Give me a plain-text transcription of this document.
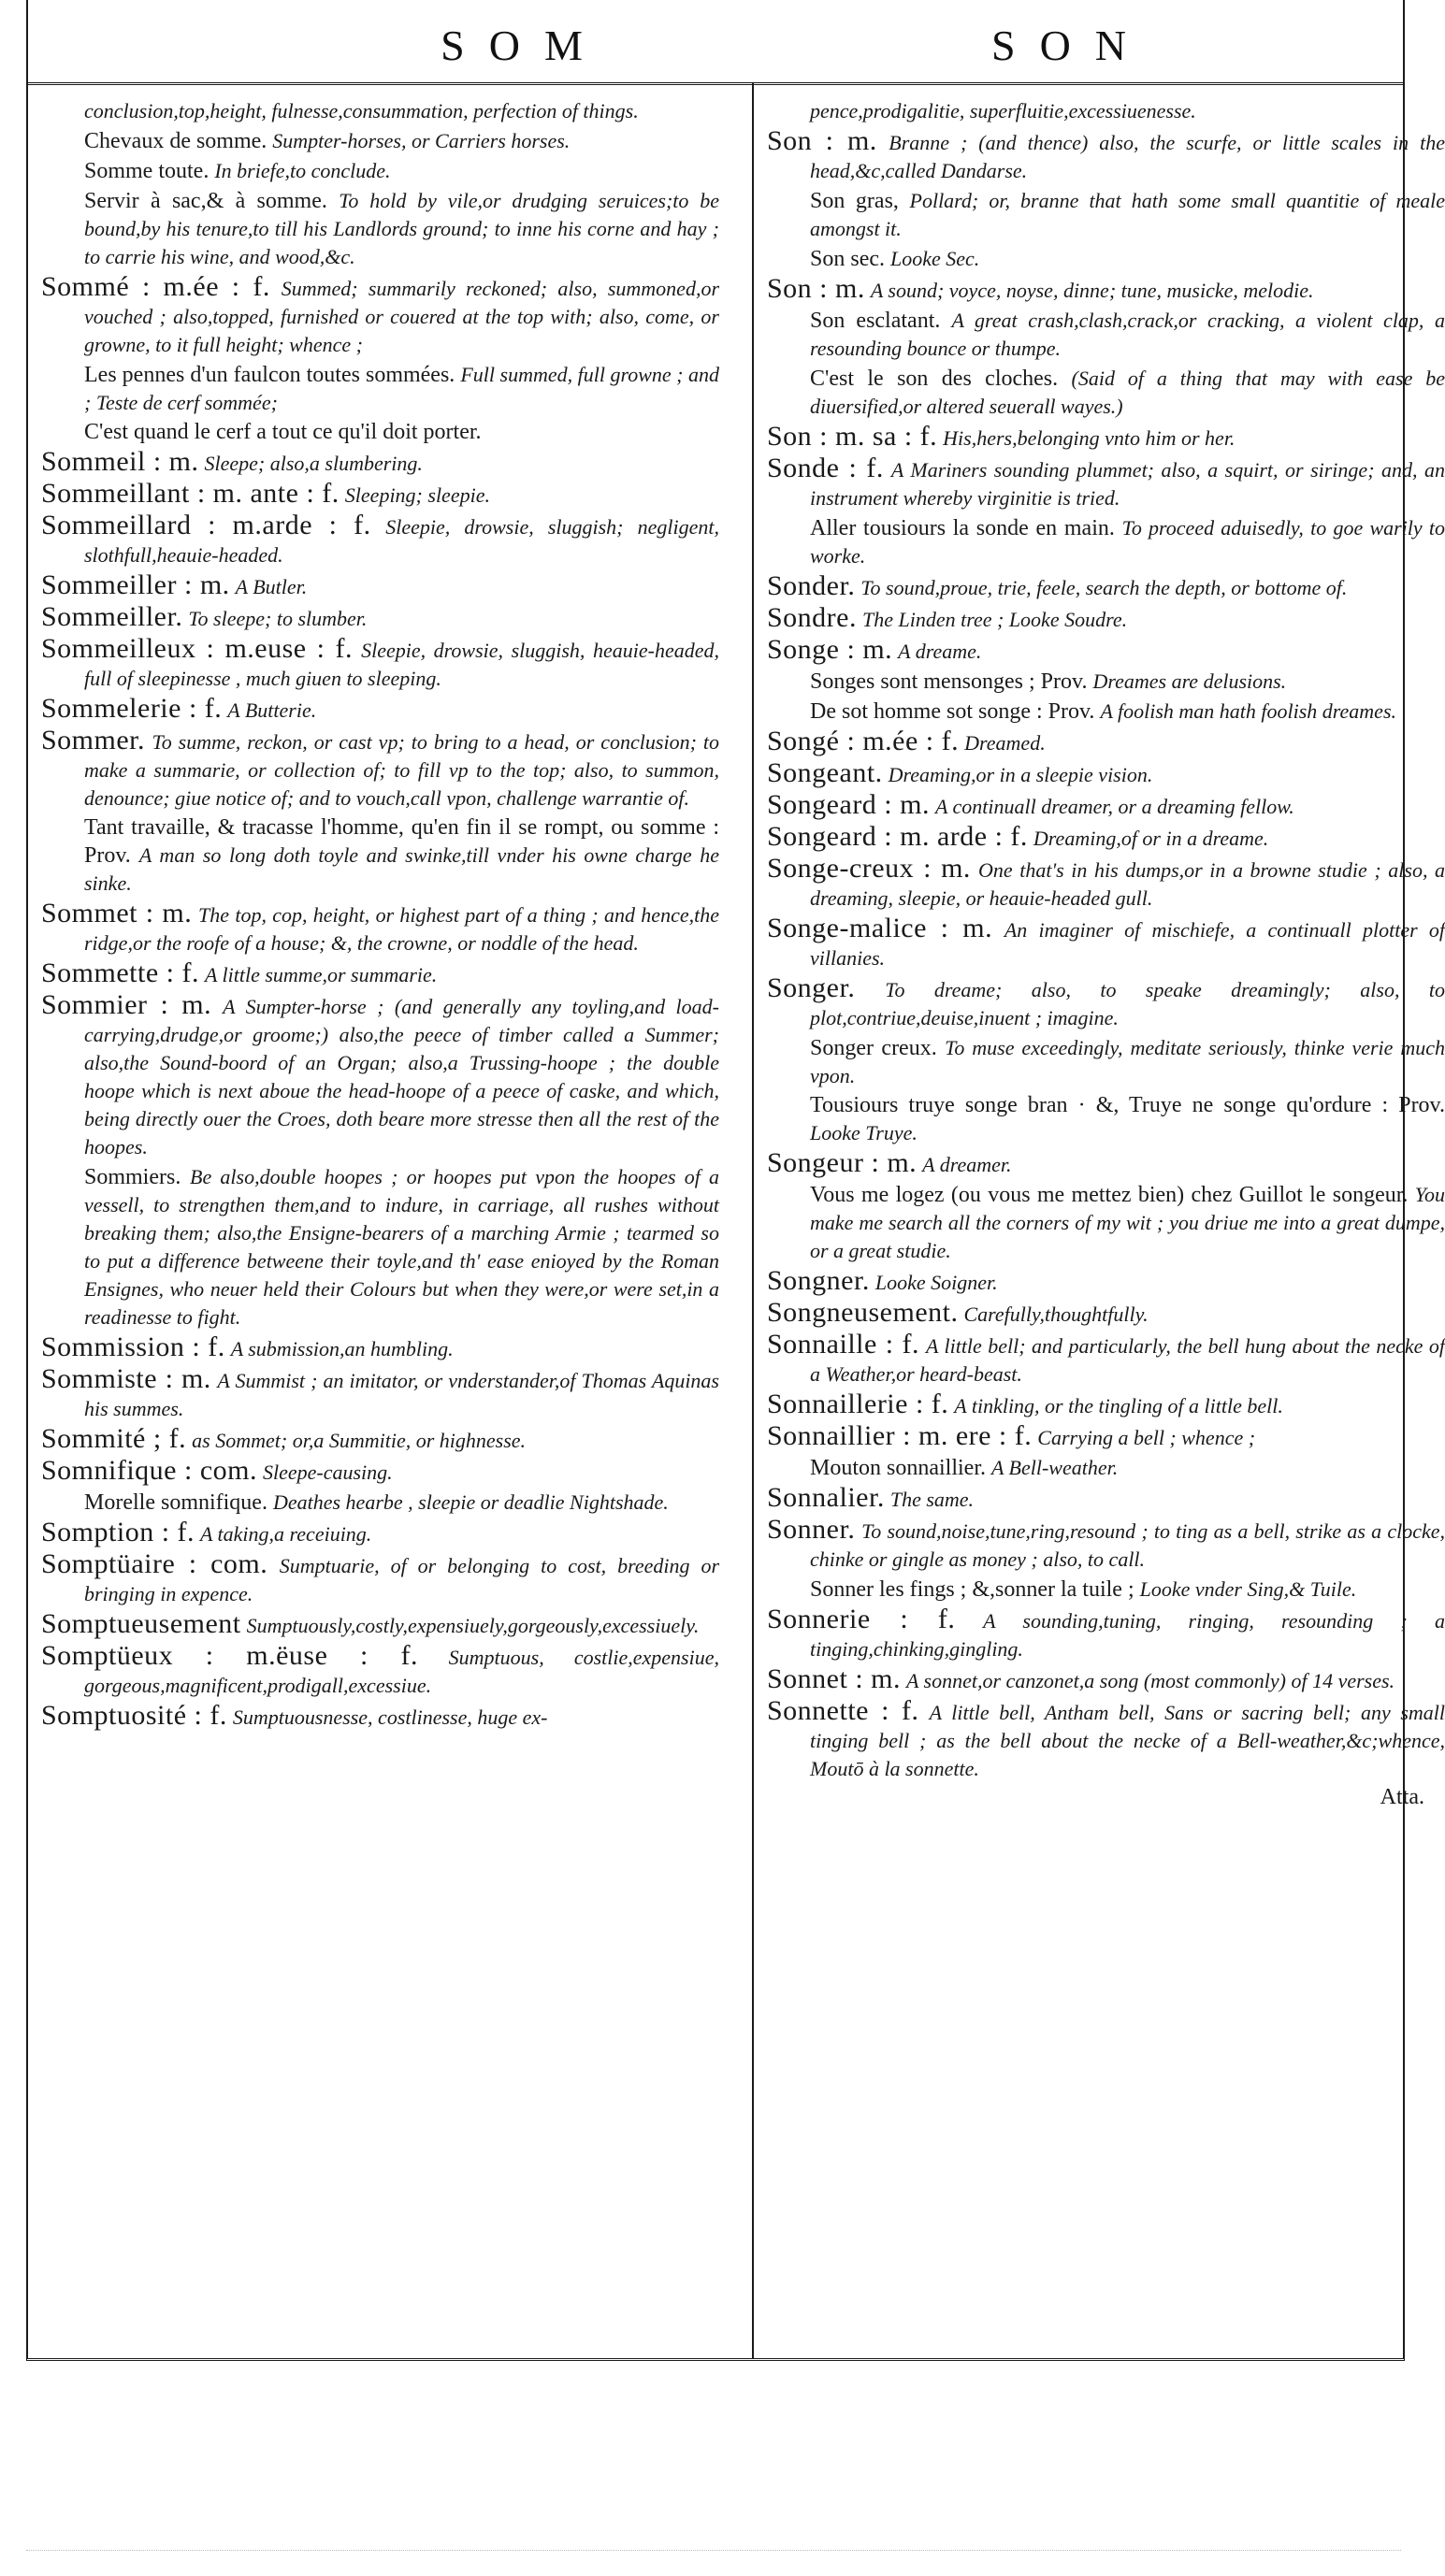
SOM	SON
conclusion,top,height, fulnesse,consummation, perfection of things.
Chevaux de somme. Sumpter-horses, or Carriers horses.
Somme toute. In briefe,to conclude.
Servir à sac,& à somme. To hold by vile,or drudging seruices;to be bound,by his tenure,to till his Landlords ground; to inne his corne and hay ; to carrie his wine, and wood,&c.
Sommé : m.ée : f. Summed; summarily reckoned; also, summoned,or vouched ; also,topped, furnished or couered at the top with; also, come, or growne, to it full height; whence ;
Les pennes d'un faulcon toutes sommées. Full summed, full growne ; and ; Teste de cerf sommée;
C'est quand le cerf a tout ce qu'il doit porter.
Sommeil : m. Sleepe; also,a slumbering.
Sommeillant : m. ante : f. Sleeping; sleepie.
Sommeillard : m.arde : f. Sleepie, drowsie, sluggish; negligent, slothfull,heauie-headed.
Sommeiller : m. A Butler.
Sommeiller. To sleepe; to slumber.
Sommeilleux : m.euse : f. Sleepie, drowsie, sluggish, heauie-headed, full of sleepinesse , much giuen to sleeping.
Sommelerie : f. A Butterie.
Sommer. To summe, reckon, or cast vp; to bring to a head, or conclusion; to make a summarie, or collection of; to fill vp to the top; also, to summon, denounce; giue notice of; and to vouch,call vpon, challenge warrantie of.
Tant travaille, & tracasse l'homme, qu'en fin il se rompt, ou somme : Prov. A man so long doth toyle and swinke,till vnder his owne charge he sinke.
Sommet : m. The top, cop, height, or highest part of a thing ; and hence,the ridge,or the roofe of a house; &, the crowne, or noddle of the head.
Sommette : f. A little summe,or summarie.
Sommier : m. A Sumpter-horse ; (and generally any toyling,and load-carrying,drudge,or groome;) also,the peece of timber called a Summer; also,the Sound-boord of an Organ; also,a Trussing-hoope ; the double hoope which is next aboue the head-hoope of a peece of caske, and which, being directly ouer the Croes, doth beare more stresse then all the rest of the hoopes.
Sommiers. Be also,double hoopes ; or hoopes put vpon the hoopes of a vessell, to strengthen them,and to indure, in carriage, all rushes without breaking them; also,the Ensigne-bearers of a marching Armie ; tearmed so to put a difference betweene their toyle,and th' ease enioyed by the Roman Ensignes, who neuer held their Colours but when they were,or were set,in a readinesse to fight.
Sommission : f. A submission,an humbling.
Sommiste : m. A Summist ; an imitator, or vnderstander,of Thomas Aquinas his summes.
Sommité ; f. as Sommet; or,a Summitie, or highnesse.
Somnifique : com. Sleepe-causing.
Morelle somnifique. Deathes hearbe , sleepie or deadlie Nightshade.
Somption : f. A taking,a receiuing.
Somptüaire : com. Sumptuarie, of or belonging to cost, breeding or bringing in expence.
Somptueusement Sumptuously,costly,expensiuely,gorgeously,excessiuely.
Somptüeux : m.ëuse : f. Sumptuous, costlie,expensiue, gorgeous,magnificent,prodigall,excessiue.
Somptuosité : f. Sumptuousnesse, costlinesse, huge ex-
pence,prodigalitie, superfluitie,excessiuenesse.
Son : m. Branne ; (and thence) also, the scurfe, or little scales in the head,&c,called Dandarse.
Son gras, Pollard; or, branne that hath some small quantitie of meale amongst it.
Son sec. Looke Sec.
Son : m. A sound; voyce, noyse, dinne; tune, musicke, melodie.
Son esclatant. A great crash,clash,crack,or cracking, a violent clap, a resounding bounce or thumpe.
C'est le son des cloches. (Said of a thing that may with ease be diuersified,or altered seuerall wayes.)
Son : m. sa : f. His,hers,belonging vnto him or her.
Sonde : f. A Mariners sounding plummet; also, a squirt, or siringe; and, an instrument whereby virginitie is tried.
Aller tousiours la sonde en main. To proceed aduisedly, to goe warily to worke.
Sonder. To sound,proue, trie, feele, search the depth, or bottome of.
Sondre. The Linden tree ; Looke Soudre.
Songe : m. A dreame.
Songes sont mensonges ; Prov. Dreames are delusions.
De sot homme sot songe : Prov. A foolish man hath foolish dreames.
Songé : m.ée : f. Dreamed.
Songeant. Dreaming,or in a sleepie vision.
Songeard : m. A continuall dreamer, or a dreaming fellow.
Songeard : m. arde : f. Dreaming,of or in a dreame.
Songe-creux : m. One that's in his dumps,or in a browne studie ; also, a dreaming, sleepie, or heauie-headed gull.
Songe-malice : m. An imaginer of mischiefe, a continuall plotter of villanies.
Songer. To dreame; also, to speake dreamingly; also, to plot,contriue,deuise,inuent ; imagine.
Songer creux. To muse exceedingly, meditate seriously, thinke verie much vpon.
Tousiours truye songe bran · &, Truye ne songe qu'ordure : Prov. Looke Truye.
Songeur : m. A dreamer.
Vous me logez (ou vous me mettez bien) chez Guillot le songeur. You make me search all the corners of my wit ; you driue me into a great dumpe, or a great studie.
Songner. Looke Soigner.
Songneusement. Carefully,thoughtfully.
Sonnaille : f. A little bell; and particularly, the bell hung about the necke of a Weather,or heard-beast.
Sonnaillerie : f. A tinkling, or the tingling of a little bell.
Sonnaillier : m. ere : f. Carrying a bell ; whence ;
Mouton sonnaillier. A Bell-weather.
Sonnalier. The same.
Sonner. To sound,noise,tune,ring,resound ; to ting as a bell, strike as a clocke, chinke or gingle as money ; also, to call.
Sonner les fings ; &,sonner la tuile ; Looke vnder Sing,& Tuile.
Sonnerie : f. A sounding,tuning, ringing, resounding ; a tinging,chinking,gingling.
Sonnet : m. A sonnet,or canzonet,a song (most commonly) of 14 verses.
Sonnette : f. A little bell, Antham bell, Sans or sacring bell; any small tinging bell ; as the bell about the necke of a Bell-weather,&c;whence, Moutō à la sonnette.
Atta.
